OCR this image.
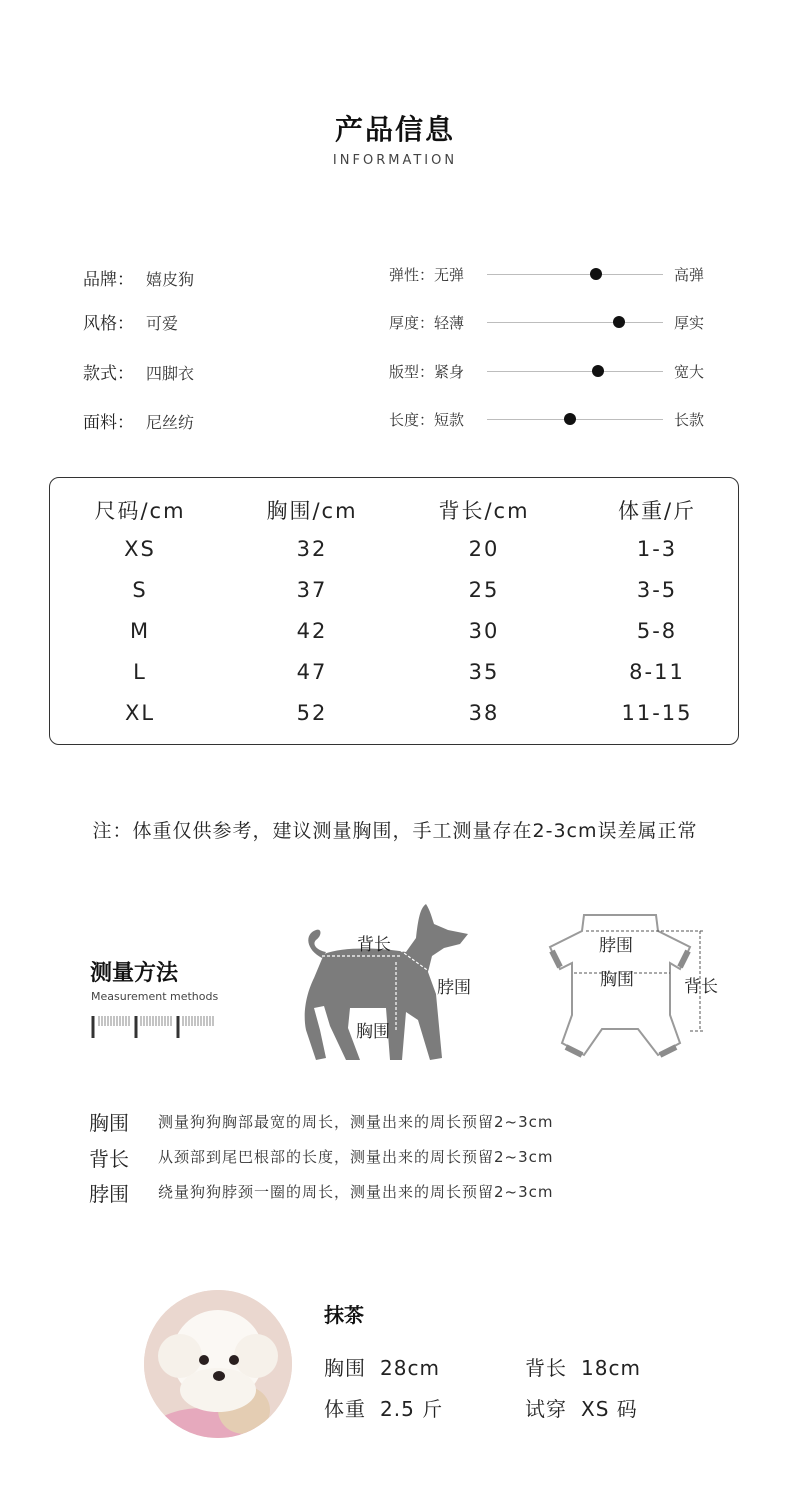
产品信息
INFORMATION
品牌： 嬉皮狗
风格： 可爱
款式： 四脚衣
面料： 尼丝纺
弹性：无弹	高弹
厚度：轻薄	厚实
版型：紧身	宽大
长度：短款	长款
尺码/cm	胸围/cm	背长/cm	体重/斤
XS	32	20	1-3
S	37	25	3-5
M	42	30	5-8
L	47	35	8-11
XL	52	38	11-15
注：体重仅供参考，建议测量胸围，手工测量存在2-3cm误差属正常
测量方法
Measurement methods
背长
脖围
胸围
脖围
胸围	背长
胸围 测量狗狗胸部最宽的周长，测量出来的周长预留2~3cm
背长 从颈部到尾巴根部的长度，测量出来的周长预留2~3cm
脖围 绕量狗狗脖颈一圈的周长，测量出来的周长预留2~3cm
抹茶
胸围 28cm	背长 18cm
体重 2.5 斤	试穿 XS 码
